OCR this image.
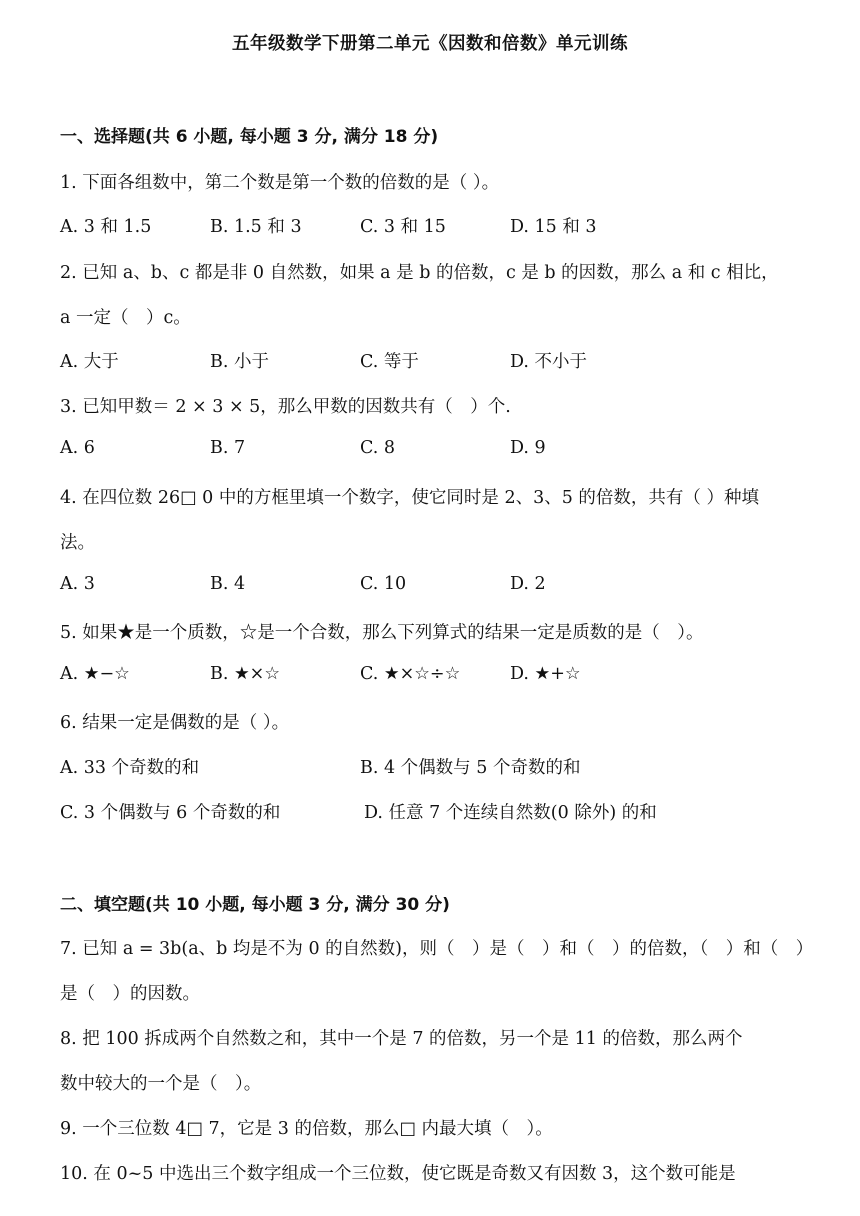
五年级数学下册第二单元《因数和倍数》单元训练
一、选择题(共 6 小题, 每小题 3 分, 满分 18 分)
1. 下面各组数中，第二个数是第一个数的倍数的是（ ）。
A. 3 和 1.5	B. 1.5 和 3	C. 3 和 15	D. 15 和 3
2. 已知 a、b、c 都是非 0 自然数，如果 a 是 b 的倍数，c 是 b 的因数，那么 a 和 c 相比，
a 一定（　）c。
A. 大于	B. 小于	C. 等于	D. 不小于
3. 已知甲数＝ 2 × 3 × 5，那么甲数的因数共有（　）个.
A. 6	B. 7	C. 8	D. 9
4. 在四位数 26□ 0 中的方框里填一个数字，使它同时是 2、3、5 的倍数，共有（ ）种填
法。
A. 3	B. 4	C. 10	D. 2
5. 如果★是一个质数，☆是一个合数，那么下列算式的结果一定是质数的是（　）。
A. ★−☆	B. ★×☆	C. ★×☆÷☆	D. ★+☆
6. 结果一定是偶数的是（ ）。
A. 33 个奇数的和	B. 4 个偶数与 5 个奇数的和
C. 3 个偶数与 6 个奇数的和	D. 任意 7 个连续自然数(0 除外) 的和
二、填空题(共 10 小题, 每小题 3 分, 满分 30 分)
7. 已知 a = 3b(a、b 均是不为 0 的自然数)，则（　）是（　）和（　）的倍数，（　）和（　）
是（　）的因数。
8. 把 100 拆成两个自然数之和，其中一个是 7 的倍数，另一个是 11 的倍数，那么两个
数中较大的一个是（　）。
9. 一个三位数 4□ 7，它是 3 的倍数，那么□ 内最大填（　）。
10. 在 0~5 中选出三个数字组成一个三位数，使它既是奇数又有因数 3，这个数可能是
